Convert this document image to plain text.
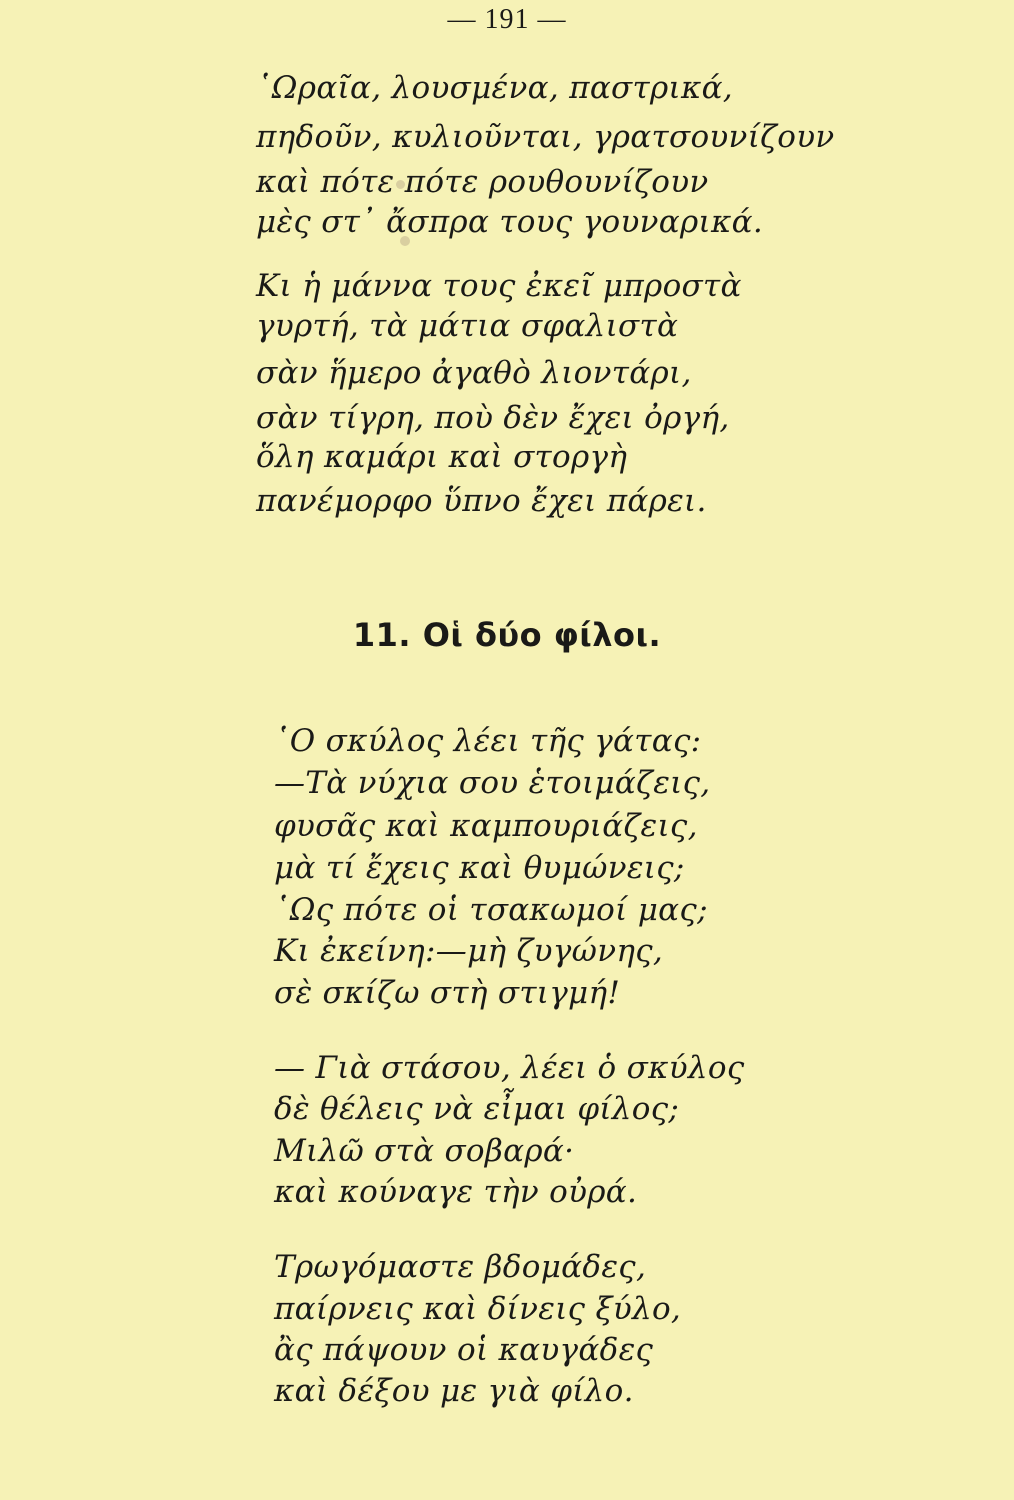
— 191 —
῾Ωραῖα, λουσμένα, παστρικά,
πηδοῦν, κυλιοῦνται, γρατσουνίζουν
καὶ πότε πότε ρουθουνίζουν
μὲς στ᾽ ἄσπρα τους γουναρικά.
Κι ἡ μάννα τους ἐκεῖ μπροστὰ
γυρτή, τὰ μάτια σφαλιστὰ
σὰν ἥμερο ἀγαθὸ λιοντάρι,
σὰν τίγρη, ποὺ δὲν ἔχει ὀργή,
ὅλη καμάρι καὶ στοργὴ
πανέμορφο ὕπνο ἔχει πάρει.
11. Οἱ δύο φίλοι.
῾Ο σκύλος λέει τῆς γάτας:
—Τὰ νύχια σου ἑτοιμάζεις,
φυσᾶς καὶ καμπουριάζεις,
μὰ τί ἔχεις καὶ θυμώνεις;
῾Ως πότε οἱ τσακωμοί μας;
Κι ἐκείνη:—μὴ ζυγώνης,
σὲ σκίζω στὴ στιγμή!
— Γιὰ στάσου, λέει ὁ σκύλος
δὲ θέλεις νὰ εἶμαι φίλος;
Μιλῶ στὰ σοβαρά·
καὶ κούναγε τὴν οὐρά.
Τρωγόμαστε βδομάδες,
παίρνεις καὶ δίνεις ξύλο,
ἂς πάψουν οἱ καυγάδες
καὶ δέξου με γιὰ φίλο.
